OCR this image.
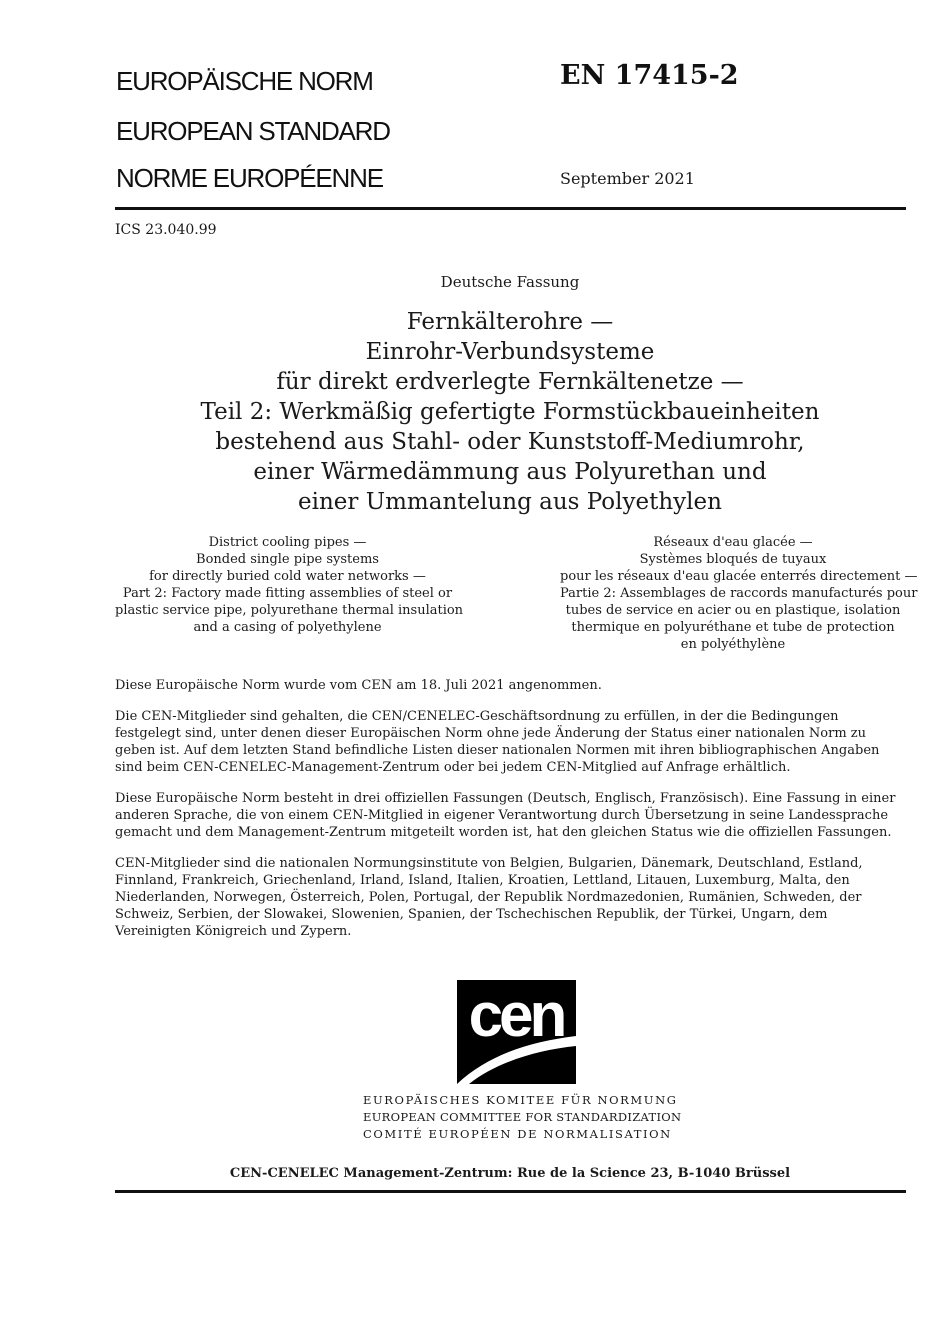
EUROPÄISCHE NORM
EUROPEAN STANDARD
NORME EUROPÉENNE
EN 17415-2
September 2021
ICS 23.040.99
Deutsche Fassung
Fernkälterohre —
Einrohr-Verbundsysteme
für direkt erdverlegte Fernkältenetze —
Teil 2: Werkmäßig gefertigte Formstückbaueinheiten
bestehend aus Stahl- oder Kunststoff-Mediumrohr,
einer Wärmedämmung aus Polyurethan und
einer Ummantelung aus Polyethylen
District cooling pipes —
Bonded single pipe systems
for directly buried cold water networks —
Part 2: Factory made fitting assemblies of steel or
plastic service pipe, polyurethane thermal insulation
and a casing of polyethylene
Réseaux d'eau glacée —
Systèmes bloqués de tuyaux
pour les réseaux d'eau glacée enterrés directement —
Partie 2: Assemblages de raccords manufacturés pour
tubes de service en acier ou en plastique, isolation
thermique en polyuréthane et tube de protection
en polyéthylène
Diese Europäische Norm wurde vom CEN am 18. Juli 2021 angenommen.
Die CEN-Mitglieder sind gehalten, die CEN/CENELEC-Geschäftsordnung zu erfüllen, in der die Bedingungen festgelegt sind, unter denen dieser Europäischen Norm ohne jede Änderung der Status einer nationalen Norm zu geben ist. Auf dem letzten Stand befindliche Listen dieser nationalen Normen mit ihren bibliographischen Angaben sind beim CEN-CENELEC-Management-Zentrum oder bei jedem CEN-Mitglied auf Anfrage erhältlich.
Diese Europäische Norm besteht in drei offiziellen Fassungen (Deutsch, Englisch, Französisch). Eine Fassung in einer anderen Sprache, die von einem CEN-Mitglied in eigener Verantwortung durch Übersetzung in seine Landessprache gemacht und dem Management-Zentrum mitgeteilt worden ist, hat den gleichen Status wie die offiziellen Fassungen.
CEN-Mitglieder sind die nationalen Normungsinstitute von Belgien, Bulgarien, Dänemark, Deutschland, Estland, Finnland, Frankreich, Griechenland, Irland, Island, Italien, Kroatien, Lettland, Litauen, Luxemburg, Malta, den Niederlanden, Norwegen, Österreich, Polen, Portugal, der Republik Nordmazedonien, Rumänien, Schweden, der Schweiz, Serbien, der Slowakei, Slowenien, Spanien, der Tschechischen Republik, der Türkei, Ungarn, dem Vereinigten Königreich und Zypern.
cen
EUROPÄISCHES KOMITEE FÜR NORMUNG
EUROPEAN COMMITTEE FOR STANDARDIZATION
COMITÉ EUROPÉEN DE NORMALISATION
CEN-CENELEC Management-Zentrum: Rue de la Science 23, B-1040 Brüssel
